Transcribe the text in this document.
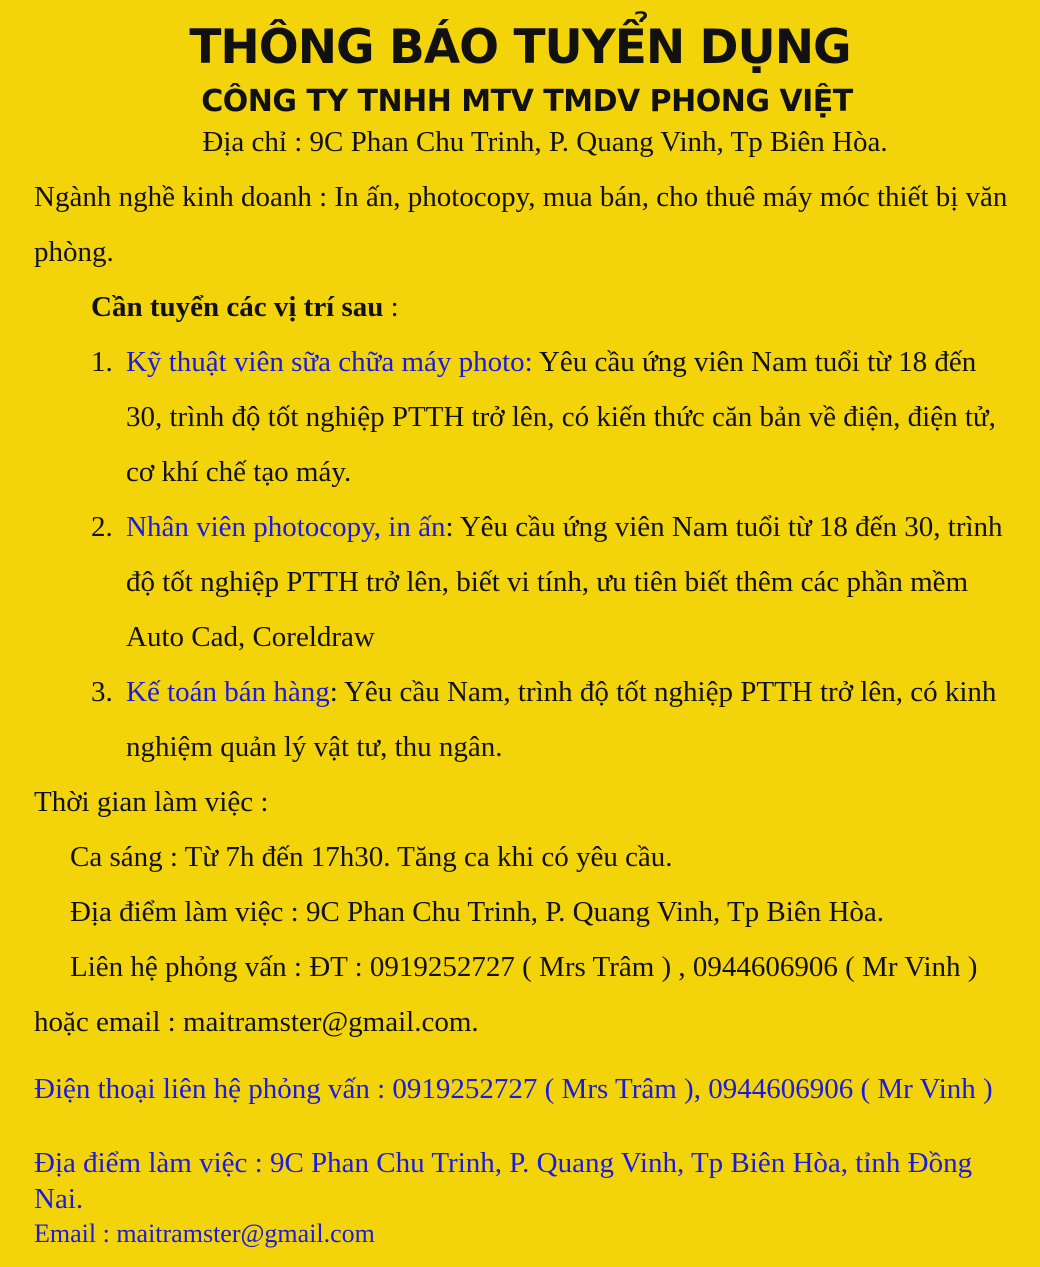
THÔNG BÁO TUYỂN DỤNG
CÔNG TY TNHH MTV TMDV PHONG VIỆT
Địa chỉ : 9C Phan Chu Trinh, P. Quang Vinh, Tp Biên Hòa.

Ngành nghề kinh doanh : In ấn, photocopy, mua bán, cho thuê máy móc thiết bị văn phòng.

Cần tuyển các vị trí sau :

1. Kỹ thuật viên sữa chữa máy photo: Yêu cầu ứng viên Nam tuổi từ 18 đến 30, trình độ tốt nghiệp PTTH trở lên, có kiến thức căn bản về điện, điện tử, cơ khí chế tạo máy.
2. Nhân viên photocopy, in ấn: Yêu cầu ứng viên Nam tuổi từ 18 đến 30, trình độ tốt nghiệp PTTH trở lên, biết vi tính, ưu tiên biết thêm các phần mềm Auto Cad, Coreldraw
3. Kế toán bán hàng: Yêu cầu Nam, trình độ tốt nghiệp PTTH trở lên, có kinh nghiệm quản lý vật tư, thu ngân.

Thời gian làm việc :

Ca sáng : Từ 7h đến 17h30. Tăng ca khi có yêu cầu.

Địa điểm làm việc : 9C Phan Chu Trinh, P. Quang Vinh, Tp Biên Hòa.

Liên hệ phỏng vấn : ĐT : 0919252727 ( Mrs Trâm ) , 0944606906 ( Mr Vinh ) hoặc email : maitramster@gmail.com.

Điện thoại liên hệ phỏng vấn : 0919252727 ( Mrs Trâm ), 0944606906 ( Mr Vinh )

Địa điểm làm việc : 9C Phan Chu Trinh, P. Quang Vinh, Tp Biên Hòa, tỉnh Đồng Nai.

Email : maitramster@gmail.com
